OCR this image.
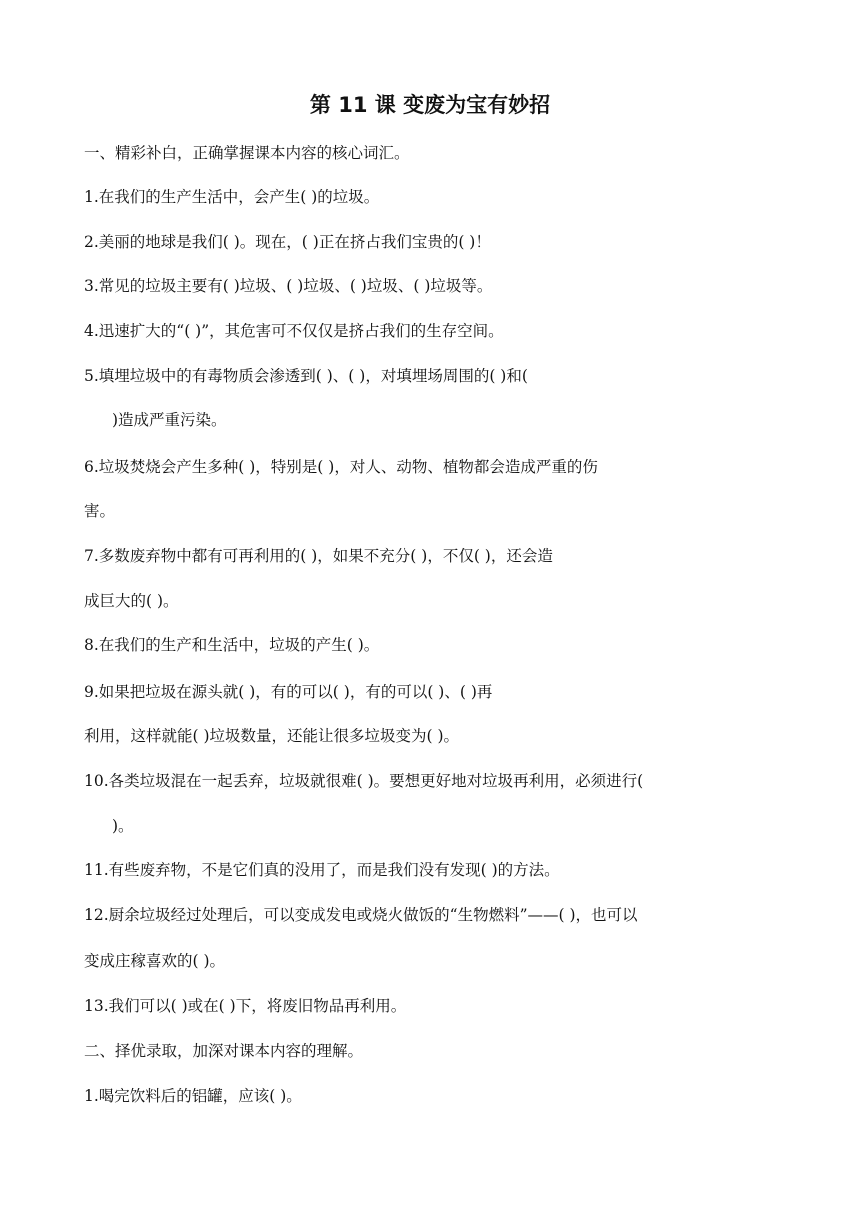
第 11 课 变废为宝有妙招
一、精彩补白，正确掌握课本内容的核心词汇。
1.在我们的生产生活中，会产生( )的垃圾。
2.美丽的地球是我们( )。现在，( )正在挤占我们宝贵的( )！
3.常见的垃圾主要有( )垃圾、( )垃圾、( )垃圾、( )垃圾等。
4.迅速扩大的“( )”，其危害可不仅仅是挤占我们的生存空间。
5.填埋垃圾中的有毒物质会渗透到( )、( )，对填埋场周围的( )和(
)造成严重污染。
6.垃圾焚烧会产生多种( )，特别是( )，对人、动物、植物都会造成严重的伤
害。
7.多数废弃物中都有可再利用的( )，如果不充分( )，不仅( )，还会造
成巨大的( )。
8.在我们的生产和生活中，垃圾的产生( )。
9.如果把垃圾在源头就( )，有的可以( )，有的可以( )、( )再
利用，这样就能( )垃圾数量，还能让很多垃圾变为( )。
10.各类垃圾混在一起丢弃，垃圾就很难( )。要想更好地对垃圾再利用，必须进行(
)。
11.有些废弃物，不是它们真的没用了，而是我们没有发现( )的方法。
12.厨余垃圾经过处理后，可以变成发电或烧火做饭的“生物燃料”——( )，也可以
变成庄稼喜欢的( )。
13.我们可以( )或在( )下，将废旧物品再利用。
二、择优录取，加深对课本内容的理解。
1.喝完饮料后的铝罐，应该( )。
